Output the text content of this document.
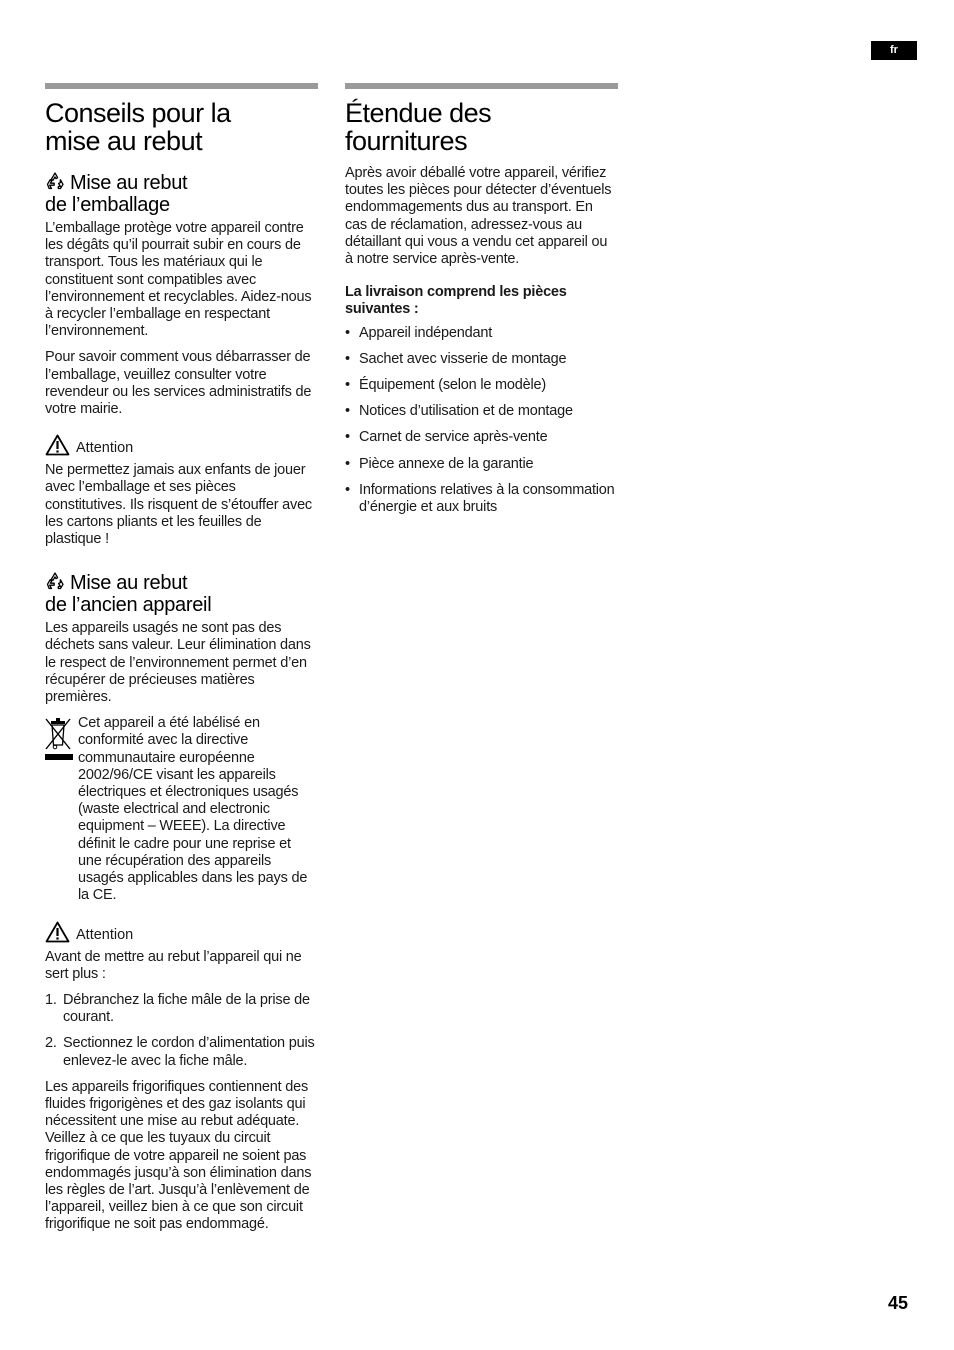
fr
Conseils pour la
mise au rebut
Mise au rebut
de l’emballage

L’emballage protège votre appareil contre les dégâts qu’il pourrait subir en cours de transport. Tous les matériaux qui le constituent sont compatibles avec l’environnement et recyclables. Aidez-nous à recycler l’emballage en respectant l’environnement.

Pour savoir comment vous débarrasser de l’emballage, veuillez consulter votre revendeur ou les services administratifs de votre mairie.

Attention

Ne permettez jamais aux enfants de jouer avec l’emballage et ses pièces constitutives. Ils risquent de s’étouffer avec les cartons pliants et les feuilles de plastique !

Mise au rebut
de l’ancien appareil

Les appareils usagés ne sont pas des déchets sans valeur. Leur élimination dans le respect de l’environnement permet d’en récupérer de précieuses matières premières.

Cet appareil a été labélisé en conformité avec la directive communautaire européenne 2002/96/CE visant les appareils électriques et électroniques usagés (waste electrical and electronic equipment – WEEE). La directive définit le cadre pour une reprise et une récupération des appareils usagés applicables dans les pays de la CE.

Attention

Avant de mettre au rebut l’appareil qui ne sert plus :

1. Débranchez la fiche mâle de la prise de courant.
2. Sectionnez le cordon d’alimentation puis enlevez-le avec la fiche mâle.

Les appareils frigorifiques contiennent des fluides frigorigènes et des gaz isolants qui nécessitent une mise au rebut adéquate. Veillez à ce que les tuyaux du circuit frigorifique de votre appareil ne soient pas endommagés jusqu’à son élimination dans les règles de l’art. Jusqu’à l’enlèvement de l’appareil, veillez bien à ce que son circuit frigorifique ne soit pas endommagé.

Étendue des
fournitures

Après avoir déballé votre appareil, vérifiez toutes les pièces pour détecter d’éventuels endommagements dus au transport. En cas de réclamation, adressez-vous au détaillant qui vous a vendu cet appareil ou à notre service après-vente.

La livraison comprend les pièces suivantes :
• Appareil indépendant
• Sachet avec visserie de montage
• Équipement (selon le modèle)
• Notices d’utilisation et de montage
• Carnet de service après-vente
• Pièce annexe de la garantie
• Informations relatives à la consommation d’énergie et aux bruits
45
